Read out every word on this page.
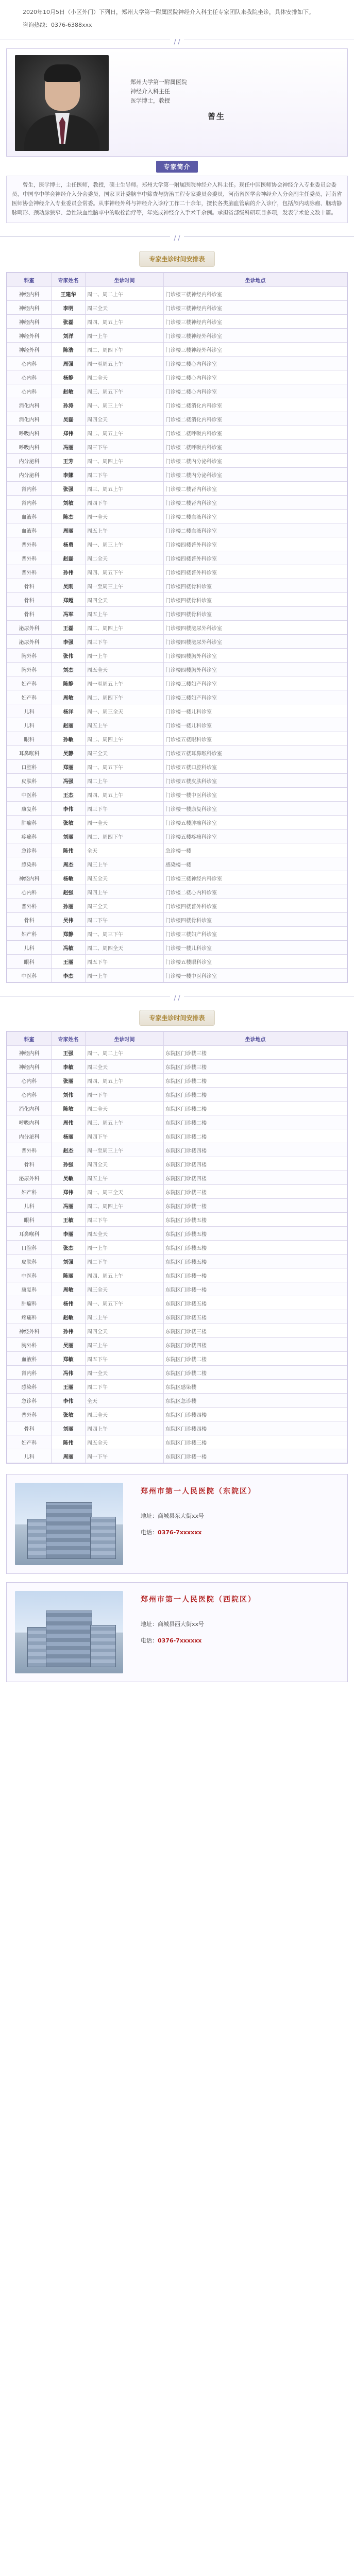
2020年10月5日（小区外门）下列日，郑州大学第一附属医院神经介入科主任专家团队来我院坐诊，具体安排如下。

咨询热线：0376-6388xxx

/ /
郑州大学第一附属医院
神经介入科主任
医学博士，教授
曾生
专家简介

曾生，医学博士，主任医师，教授，硕士生导师。郑州大学第一附属医院神经介入科主任。现任中国医师协会神经介入专业委员会委员，中国卒中学会神经介入分会委员，国家卫计委脑卒中筛查与防治工程专家委员会委员，河南省医学会神经介入分会副主任委员，河南省医师协会神经介入专业委员会常委。从事神经外科与神经介入诊疗工作二十余年，擅长各类脑血管病的介入诊疗，包括颅内动脉瘤、脑动静脉畸形、颈动脉狭窄、急性缺血性脑卒中的取栓治疗等，年完成神经介入手术千余例。承担省部级科研项目多项，发表学术论文数十篇。

/ /
专家坐诊时间安排表
科室	专家姓名	坐诊时间	坐诊地点
神经内科	王建华	周一、周二上午	门诊楼三楼神经内科诊室
神经内科	李明	周三全天	门诊楼三楼神经内科诊室
神经内科	张磊	周四、周五上午	门诊楼三楼神经内科诊室
神经外科	刘洋	周一上午	门诊楼三楼神经外科诊室
神经外科	陈浩	周二、周四下午	门诊楼三楼神经外科诊室
心内科	周强	周一至周五上午	门诊楼二楼心内科诊室
心内科	杨静	周二全天	门诊楼二楼心内科诊室
心内科	赵敏	周三、周五下午	门诊楼二楼心内科诊室
消化内科	孙涛	周一、周三上午	门诊楼二楼消化内科诊室
消化内科	吴磊	周四全天	门诊楼二楼消化内科诊室
呼吸内科	郑伟	周二、周五上午	门诊楼二楼呼吸内科诊室
呼吸内科	冯丽	周三下午	门诊楼二楼呼吸内科诊室
内分泌科	王芳	周一、周四上午	门诊楼二楼内分泌科诊室
内分泌科	李娜	周二下午	门诊楼二楼内分泌科诊室
肾内科	张强	周三、周五上午	门诊楼二楼肾内科诊室
肾内科	刘敏	周四下午	门诊楼二楼肾内科诊室
血液科	陈杰	周一全天	门诊楼二楼血液科诊室
血液科	周丽	周五上午	门诊楼二楼血液科诊室
普外科	杨勇	周一、周三上午	门诊楼四楼普外科诊室
普外科	赵磊	周二全天	门诊楼四楼普外科诊室
普外科	孙伟	周四、周五下午	门诊楼四楼普外科诊室
骨科	吴刚	周一至周三上午	门诊楼四楼骨科诊室
骨科	郑超	周四全天	门诊楼四楼骨科诊室
骨科	冯军	周五上午	门诊楼四楼骨科诊室
泌尿外科	王磊	周二、周四上午	门诊楼四楼泌尿外科诊室
泌尿外科	李强	周三下午	门诊楼四楼泌尿外科诊室
胸外科	张伟	周一上午	门诊楼四楼胸外科诊室
胸外科	刘杰	周五全天	门诊楼四楼胸外科诊室
妇产科	陈静	周一至周五上午	门诊楼三楼妇产科诊室
妇产科	周敏	周二、周四下午	门诊楼三楼妇产科诊室
儿科	杨洋	周一、周三全天	门诊楼一楼儿科诊室
儿科	赵丽	周五上午	门诊楼一楼儿科诊室
眼科	孙敏	周二、周四上午	门诊楼五楼眼科诊室
耳鼻喉科	吴静	周三全天	门诊楼五楼耳鼻喉科诊室
口腔科	郑丽	周一、周五下午	门诊楼五楼口腔科诊室
皮肤科	冯强	周二上午	门诊楼五楼皮肤科诊室
中医科	王杰	周四、周五上午	门诊楼一楼中医科诊室
康复科	李伟	周三下午	门诊楼一楼康复科诊室
肿瘤科	张敏	周一全天	门诊楼五楼肿瘤科诊室
疼痛科	刘丽	周二、周四下午	门诊楼五楼疼痛科诊室
急诊科	陈伟	全天	急诊楼一楼
感染科	周杰	周三上午	感染楼一楼
神经内科	杨敏	周五全天	门诊楼三楼神经内科诊室
心内科	赵强	周四上午	门诊楼二楼心内科诊室
普外科	孙丽	周三全天	门诊楼四楼普外科诊室
骨科	吴伟	周二下午	门诊楼四楼骨科诊室
妇产科	郑静	周一、周三下午	门诊楼三楼妇产科诊室
儿科	冯敏	周二、周四全天	门诊楼一楼儿科诊室
眼科	王丽	周五下午	门诊楼五楼眼科诊室
中医科	李杰	周一上午	门诊楼一楼中医科诊室
/ /
专家坐诊时间安排表
科室	专家姓名	坐诊时间	坐诊地点
神经内科	王强	周一、周二上午	东院区门诊楼三楼
神经内科	李敏	周三全天	东院区门诊楼三楼
心内科	张丽	周四、周五上午	东院区门诊楼二楼
心内科	刘伟	周一下午	东院区门诊楼二楼
消化内科	陈敏	周二全天	东院区门诊楼二楼
呼吸内科	周伟	周三、周五上午	东院区门诊楼二楼
内分泌科	杨丽	周四下午	东院区门诊楼二楼
普外科	赵杰	周一至周三上午	东院区门诊楼四楼
骨科	孙强	周四全天	东院区门诊楼四楼
泌尿外科	吴敏	周五上午	东院区门诊楼四楼
妇产科	郑伟	周一、周三全天	东院区门诊楼三楼
儿科	冯丽	周二、周四上午	东院区门诊楼一楼
眼科	王敏	周三下午	东院区门诊楼五楼
耳鼻喉科	李丽	周五全天	东院区门诊楼五楼
口腔科	张杰	周一上午	东院区门诊楼五楼
皮肤科	刘强	周二下午	东院区门诊楼五楼
中医科	陈丽	周四、周五上午	东院区门诊楼一楼
康复科	周敏	周三全天	东院区门诊楼一楼
肿瘤科	杨伟	周一、周五下午	东院区门诊楼五楼
疼痛科	赵敏	周二上午	东院区门诊楼五楼
神经外科	孙伟	周四全天	东院区门诊楼三楼
胸外科	吴丽	周三上午	东院区门诊楼四楼
血液科	郑敏	周五下午	东院区门诊楼二楼
肾内科	冯伟	周一全天	东院区门诊楼二楼
感染科	王丽	周二下午	东院区感染楼
急诊科	李伟	全天	东院区急诊楼
普外科	张敏	周三全天	东院区门诊楼四楼
骨科	刘丽	周四上午	东院区门诊楼四楼
妇产科	陈伟	周五全天	东院区门诊楼三楼
儿科	周丽	周一下午	东院区门诊楼一楼
郑州市第一人民医院（东院区）
地址：商城县东大街xx号
电话：0376-7xxxxxx
郑州市第一人民医院（西院区）
地址：商城县西大街xx号
电话：0376-7xxxxxx
